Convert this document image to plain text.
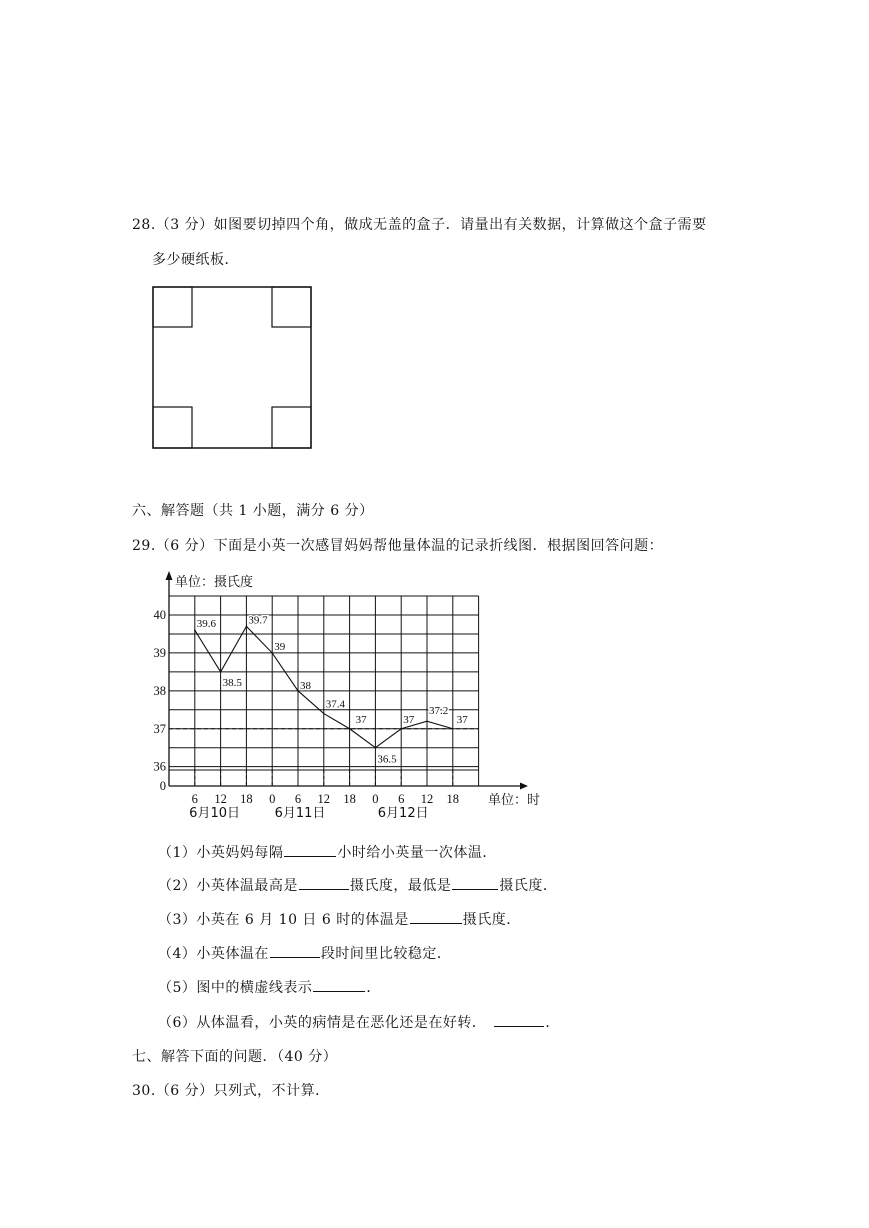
28.（3 分）如图要切掉四个角，做成无盖的盒子．请量出有关数据，计算做这个盒子需要
多少硬纸板．
六、解答题（共 1 小题，满分 6 分）
29.（6 分）下面是小英一次感冒妈妈帮他量体温的记录折线图．根据图回答问题：
40
39
38
37
36
0
6 12 18 0 6 12 18 0 6 12 18
6月10日	6月11日	6月12日
单位：摄氏度
单位：时
39.6
38.5
39.7
39
38
37.4
37
36.5
37
37.2
37
（1）小英妈妈每隔	小时给小英量一次体温．
（2）小英体温最高是	摄氏度，最低是	摄氏度．
（3）小英在 6 月 10 日 6 时的体温是	摄氏度．
（4）小英体温在	段时间里比较稳定．
（5）图中的横虚线表示	．
（6）从体温看，小英的病情是在恶化还是在好转．	．
七、解答下面的问题．（40 分）
30.（6 分）只列式，不计算．
